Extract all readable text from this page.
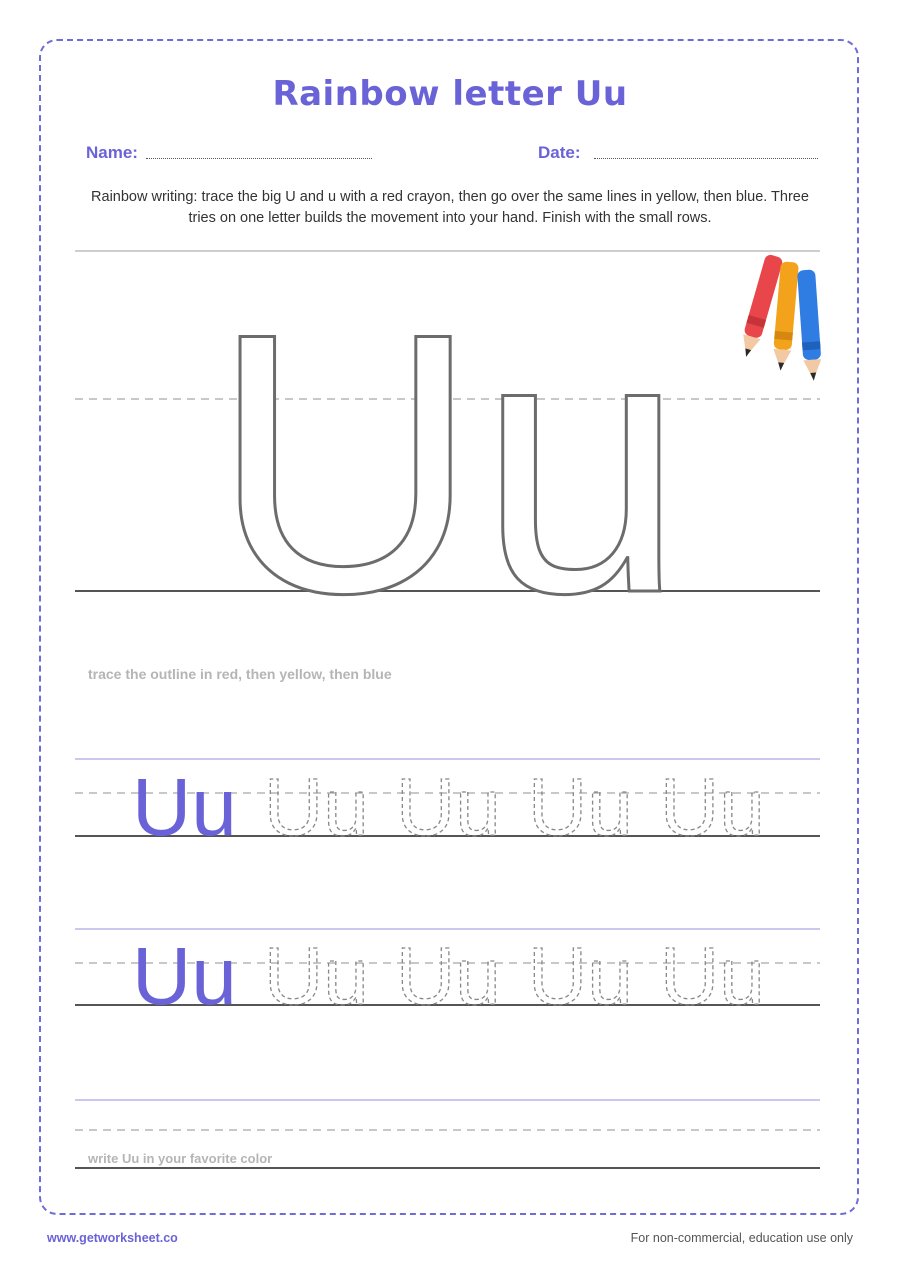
Rainbow letter Uu
Name:	Date:
Rainbow writing: trace the big U and u with a red crayon, then go over the same lines in yellow, then blue. Three tries on one letter builds the movement into your hand. Finish with the small rows.
Uu
Uu Uu Uu Uu Uu
Uu Uu Uu Uu Uu
trace the outline in red, then yellow, then blue
write Uu in your favorite color
www.getworksheet.co	For non-commercial, education use only
